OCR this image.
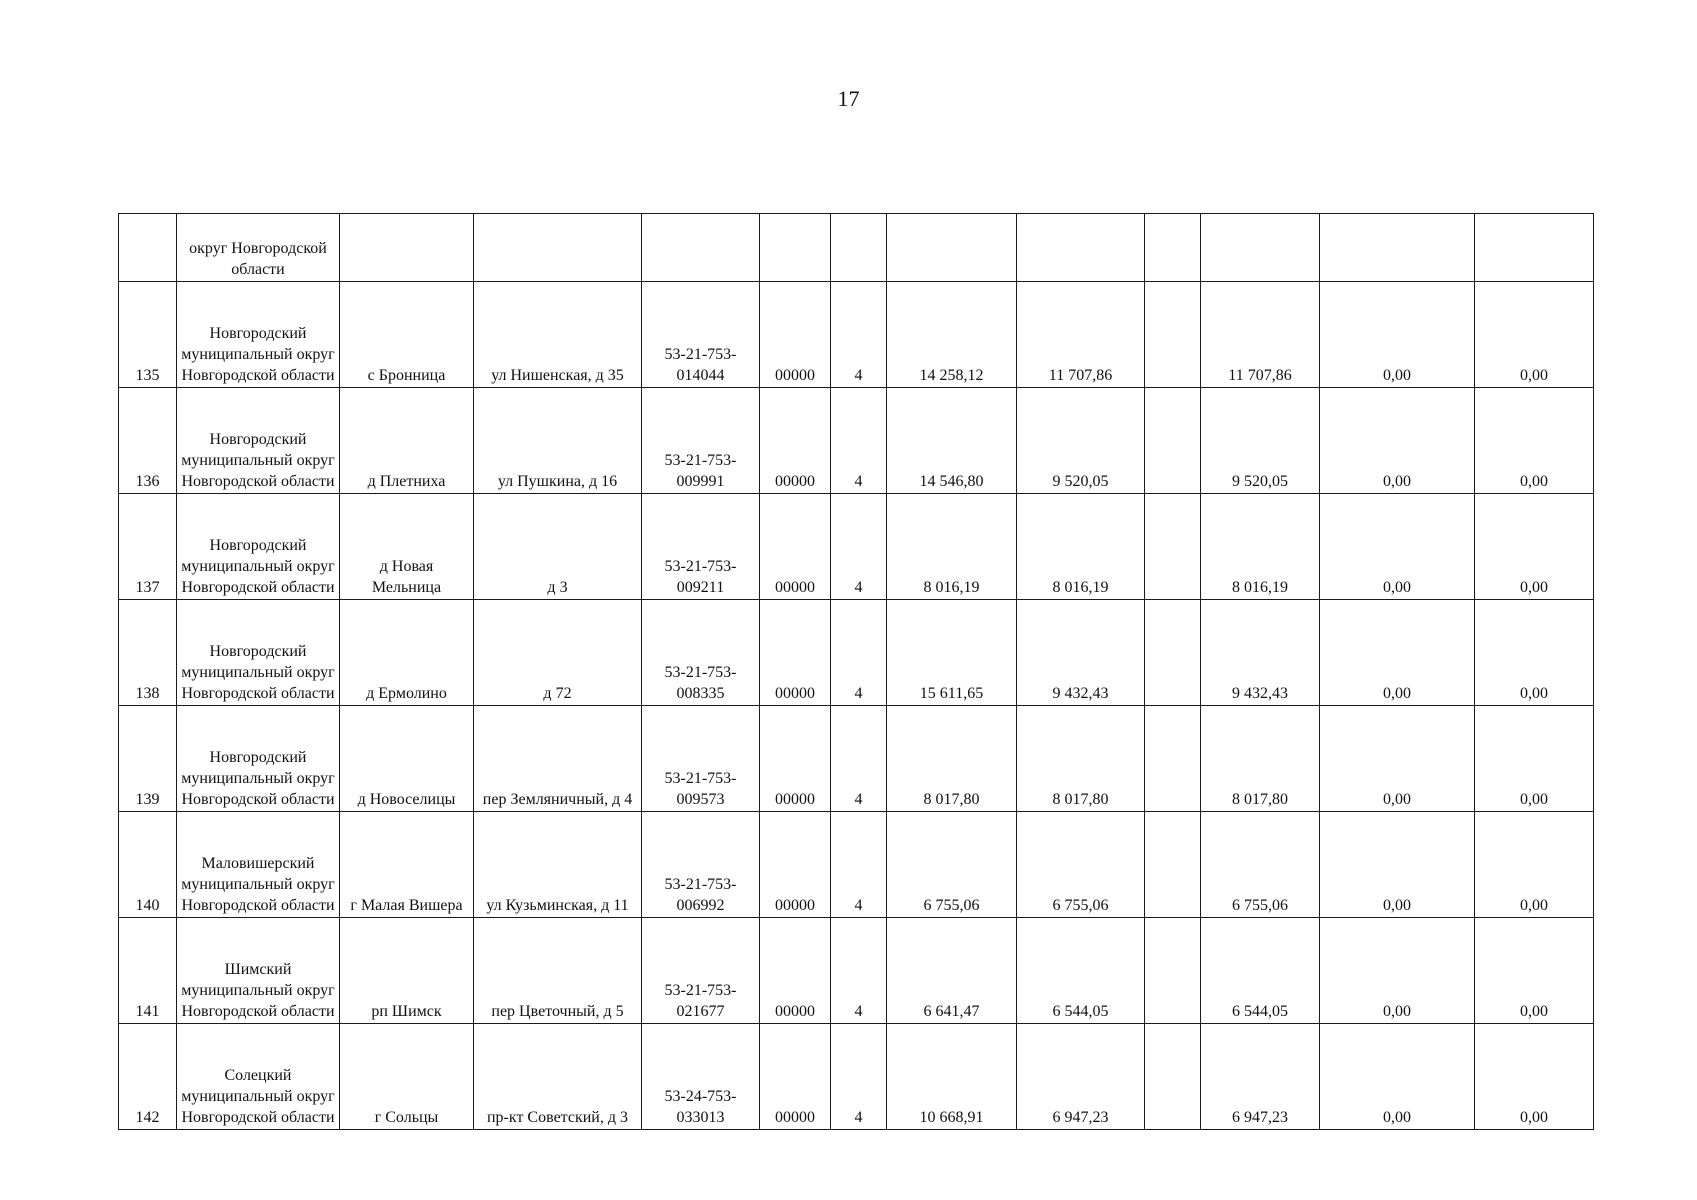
17
	округ Новгородской области											
135	Новгородский муниципальный округ Новгородской области	с Бронница	ул Нишенская, д 35	53-21-753-014044	00000	4	14 258,12	11 707,86		11 707,86	0,00	0,00
136	Новгородский муниципальный округ Новгородской области	д Плетниха	ул Пушкина, д 16	53-21-753-009991	00000	4	14 546,80	9 520,05		9 520,05	0,00	0,00
137	Новгородский муниципальный округ Новгородской области	д Новая Мельница	д 3	53-21-753-009211	00000	4	8 016,19	8 016,19		8 016,19	0,00	0,00
138	Новгородский муниципальный округ Новгородской области	д Ермолино	д 72	53-21-753-008335	00000	4	15 611,65	9 432,43		9 432,43	0,00	0,00
139	Новгородский муниципальный округ Новгородской области	д Новоселицы	пер Земляничный, д 4	53-21-753-009573	00000	4	8 017,80	8 017,80		8 017,80	0,00	0,00
140	Маловишерский муниципальный округ Новгородской области	г Малая Вишера	ул Кузьминская, д 11	53-21-753-006992	00000	4	6 755,06	6 755,06		6 755,06	0,00	0,00
141	Шимский муниципальный округ Новгородской области	рп Шимск	пер Цветочный, д 5	53-21-753-021677	00000	4	6 641,47	6 544,05		6 544,05	0,00	0,00
142	Солецкий муниципальный округ Новгородской области	г Сольцы	пр-кт Советский, д 3	53-24-753-033013	00000	4	10 668,91	6 947,23		6 947,23	0,00	0,00
